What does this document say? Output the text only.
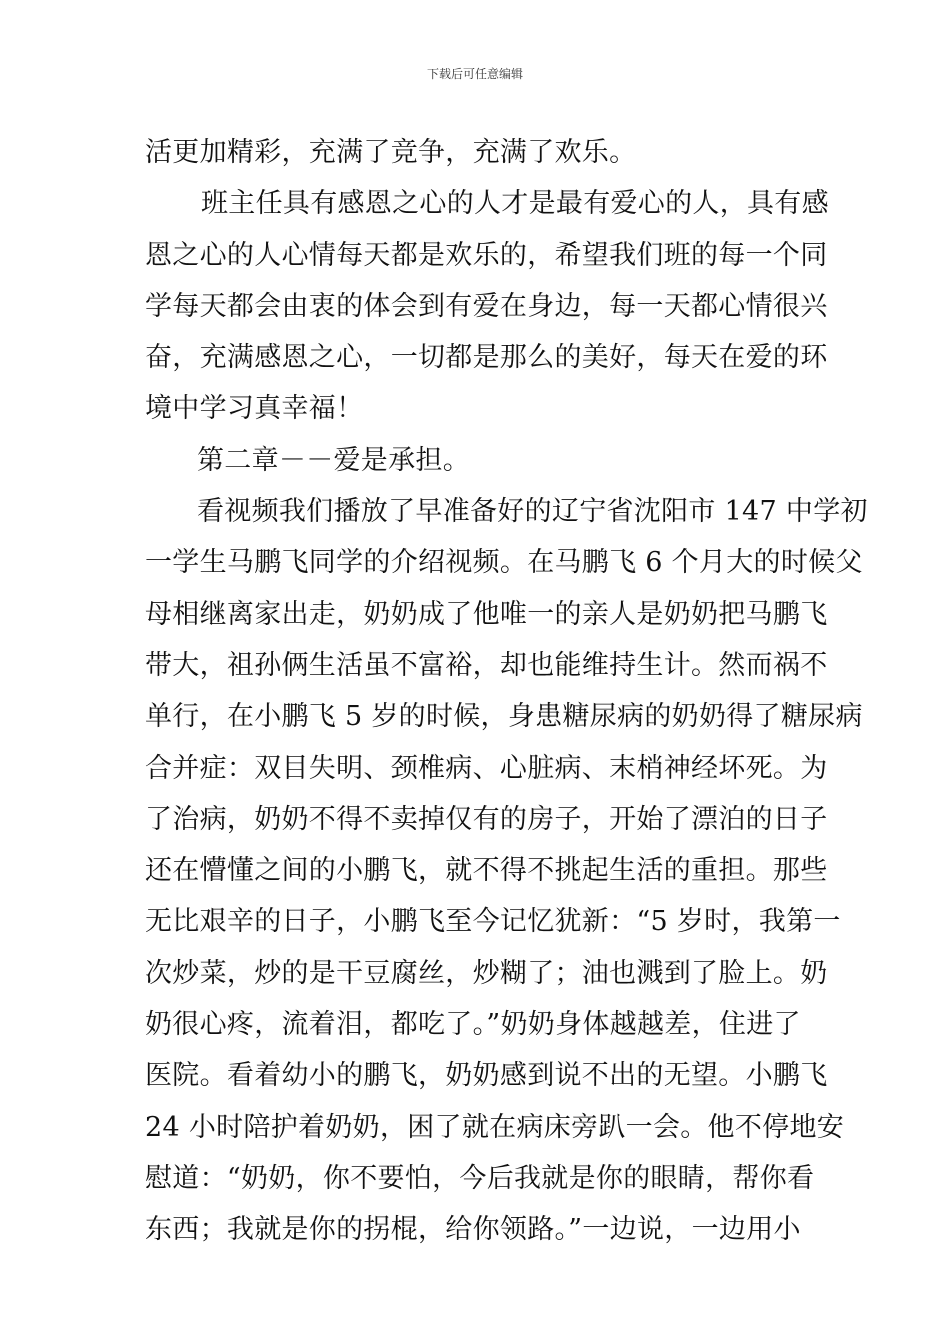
下载后可任意编辑
活更加精彩，充满了竞争，充满了欢乐。
班主任具有感恩之心的人才是最有爱心的人，具有感
恩之心的人心情每天都是欢乐的，希望我们班的每一个同
学每天都会由衷的体会到有爱在身边，每一天都心情很兴
奋，充满感恩之心，一切都是那么的美好，每天在爱的环
境中学习真幸福！
第二章－－爱是承担。
看视频我们播放了早准备好的辽宁省沈阳市 147 中学初
一学生马鹏飞同学的介绍视频。在马鹏飞 6 个月大的时候父
母相继离家出走，奶奶成了他唯一的亲人是奶奶把马鹏飞
带大，祖孙俩生活虽不富裕，却也能维持生计。然而祸不
单行，在小鹏飞 5 岁的时候，身患糖尿病的奶奶得了糖尿病
合并症：双目失明、颈椎病、心脏病、末梢神经坏死。为
了治病，奶奶不得不卖掉仅有的房子，开始了漂泊的日子
还在懵懂之间的小鹏飞，就不得不挑起生活的重担。那些
无比艰辛的日子，小鹏飞至今记忆犹新：“5 岁时，我第一
次炒菜，炒的是干豆腐丝，炒糊了；油也溅到了脸上。奶
奶很心疼，流着泪，都吃了。”奶奶身体越越差，住进了
医院。看着幼小的鹏飞，奶奶感到说不出的无望。小鹏飞
24 小时陪护着奶奶，困了就在病床旁趴一会。他不停地安
慰道：“奶奶，你不要怕，今后我就是你的眼睛，帮你看
东西；我就是你的拐棍，给你领路。”一边说，一边用小
